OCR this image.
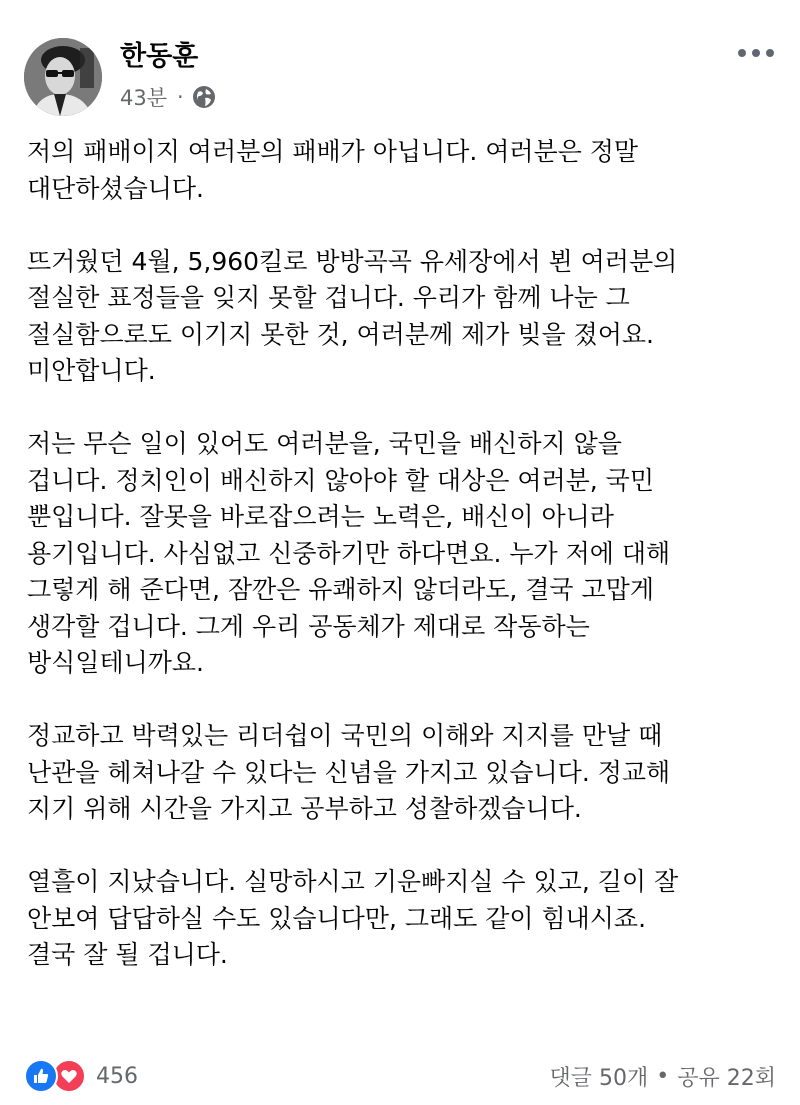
한동훈
43분 ·
저의 패배이지 여러분의 패배가 아닙니다. 여러분은 정말
대단하셨습니다.
뜨거웠던 4월, 5,960킬로 방방곡곡 유세장에서 뵌 여러분의
절실한 표정들을 잊지 못할 겁니다. 우리가 함께 나눈 그
절실함으로도 이기지 못한 것, 여러분께 제가 빚을 졌어요.
미안합니다.
저는 무슨 일이 있어도 여러분을, 국민을 배신하지 않을
겁니다. 정치인이 배신하지 않아야 할 대상은 여러분, 국민
뿐입니다. 잘못을 바로잡으려는 노력은, 배신이 아니라
용기입니다. 사심없고 신중하기만 하다면요. 누가 저에 대해
그렇게 해 준다면, 잠깐은 유쾌하지 않더라도, 결국 고맙게
생각할 겁니다. 그게 우리 공동체가 제대로 작동하는
방식일테니까요.
정교하고 박력있는 리더쉽이 국민의 이해와 지지를 만날 때
난관을 헤쳐나갈 수 있다는 신념을 가지고 있습니다. 정교해
지기 위해 시간을 가지고 공부하고 성찰하겠습니다.
열흘이 지났습니다. 실망하시고 기운빠지실 수 있고, 길이 잘
안보여 답답하실 수도 있습니다만, 그래도 같이 힘내시죠.
결국 잘 될 겁니다.
456	댓글 50개 • 공유 22회
